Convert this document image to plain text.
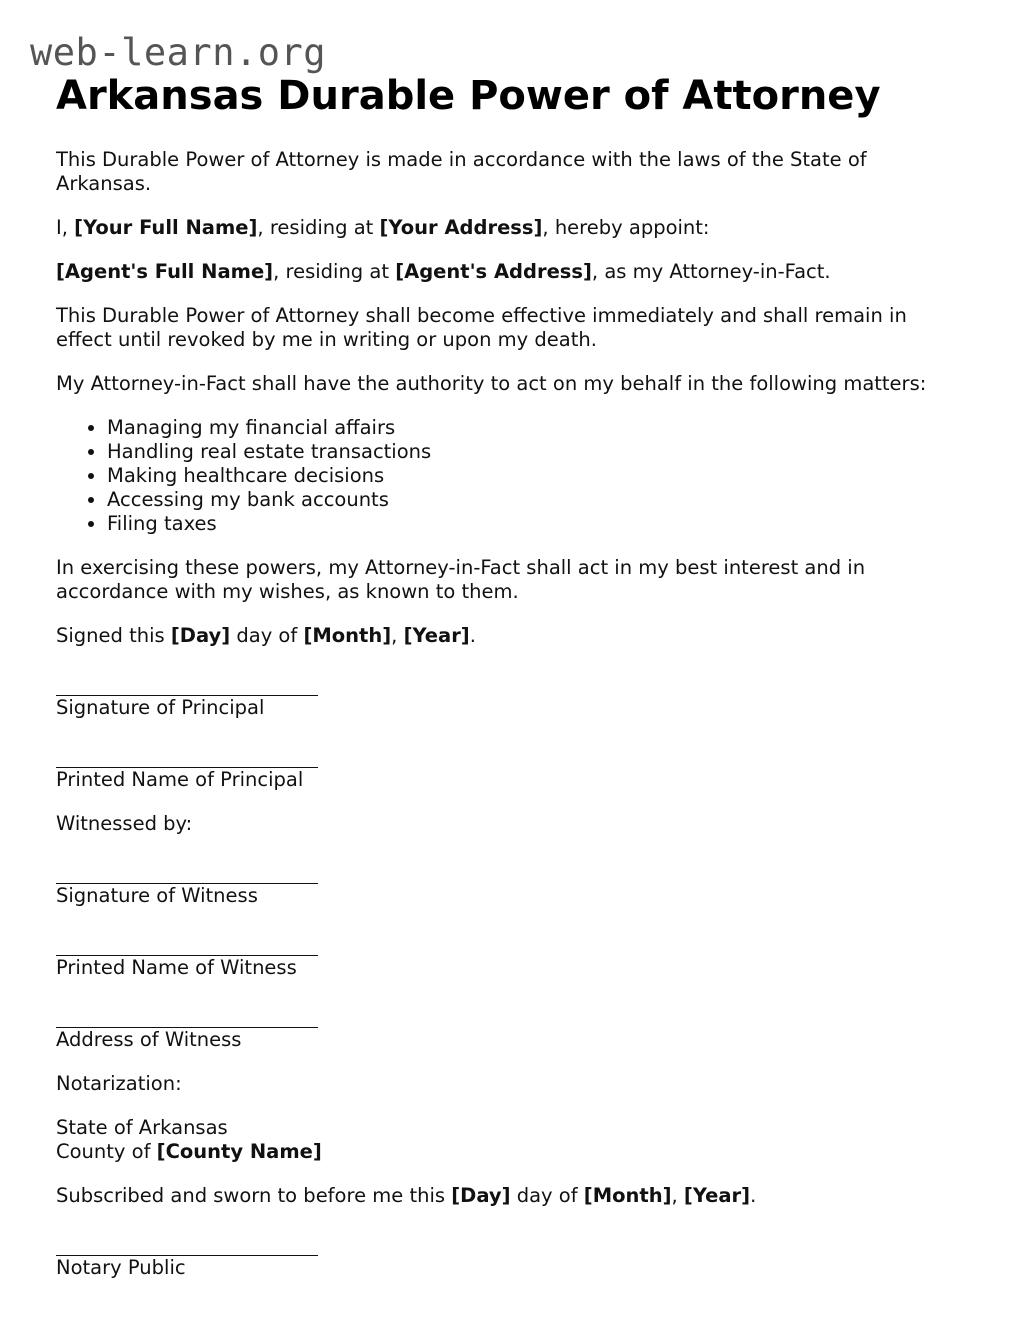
web-learn.org
Arkansas Durable Power of Attorney

This Durable Power of Attorney is made in accordance with the laws of the State of Arkansas.

I, [Your Full Name], residing at [Your Address], hereby appoint:

[Agent's Full Name], residing at [Agent's Address], as my Attorney-in-Fact.

This Durable Power of Attorney shall become effective immediately and shall remain in effect until revoked by me in writing or upon my death.

My Attorney-in-Fact shall have the authority to act on my behalf in the following matters:

• Managing my financial affairs
• Handling real estate transactions
• Making healthcare decisions
• Accessing my bank accounts
• Filing taxes

In exercising these powers, my Attorney-in-Fact shall act in my best interest and in accordance with my wishes, as known to them.

Signed this [Day] day of [Month], [Year].

Signature of Principal
Printed Name of Principal

Witnessed by:

Signature of Witness
Printed Name of Witness
Address of Witness

Notarization:

State of Arkansas
County of [County Name]

Subscribed and sworn to before me this [Day] day of [Month], [Year].

Notary Public
